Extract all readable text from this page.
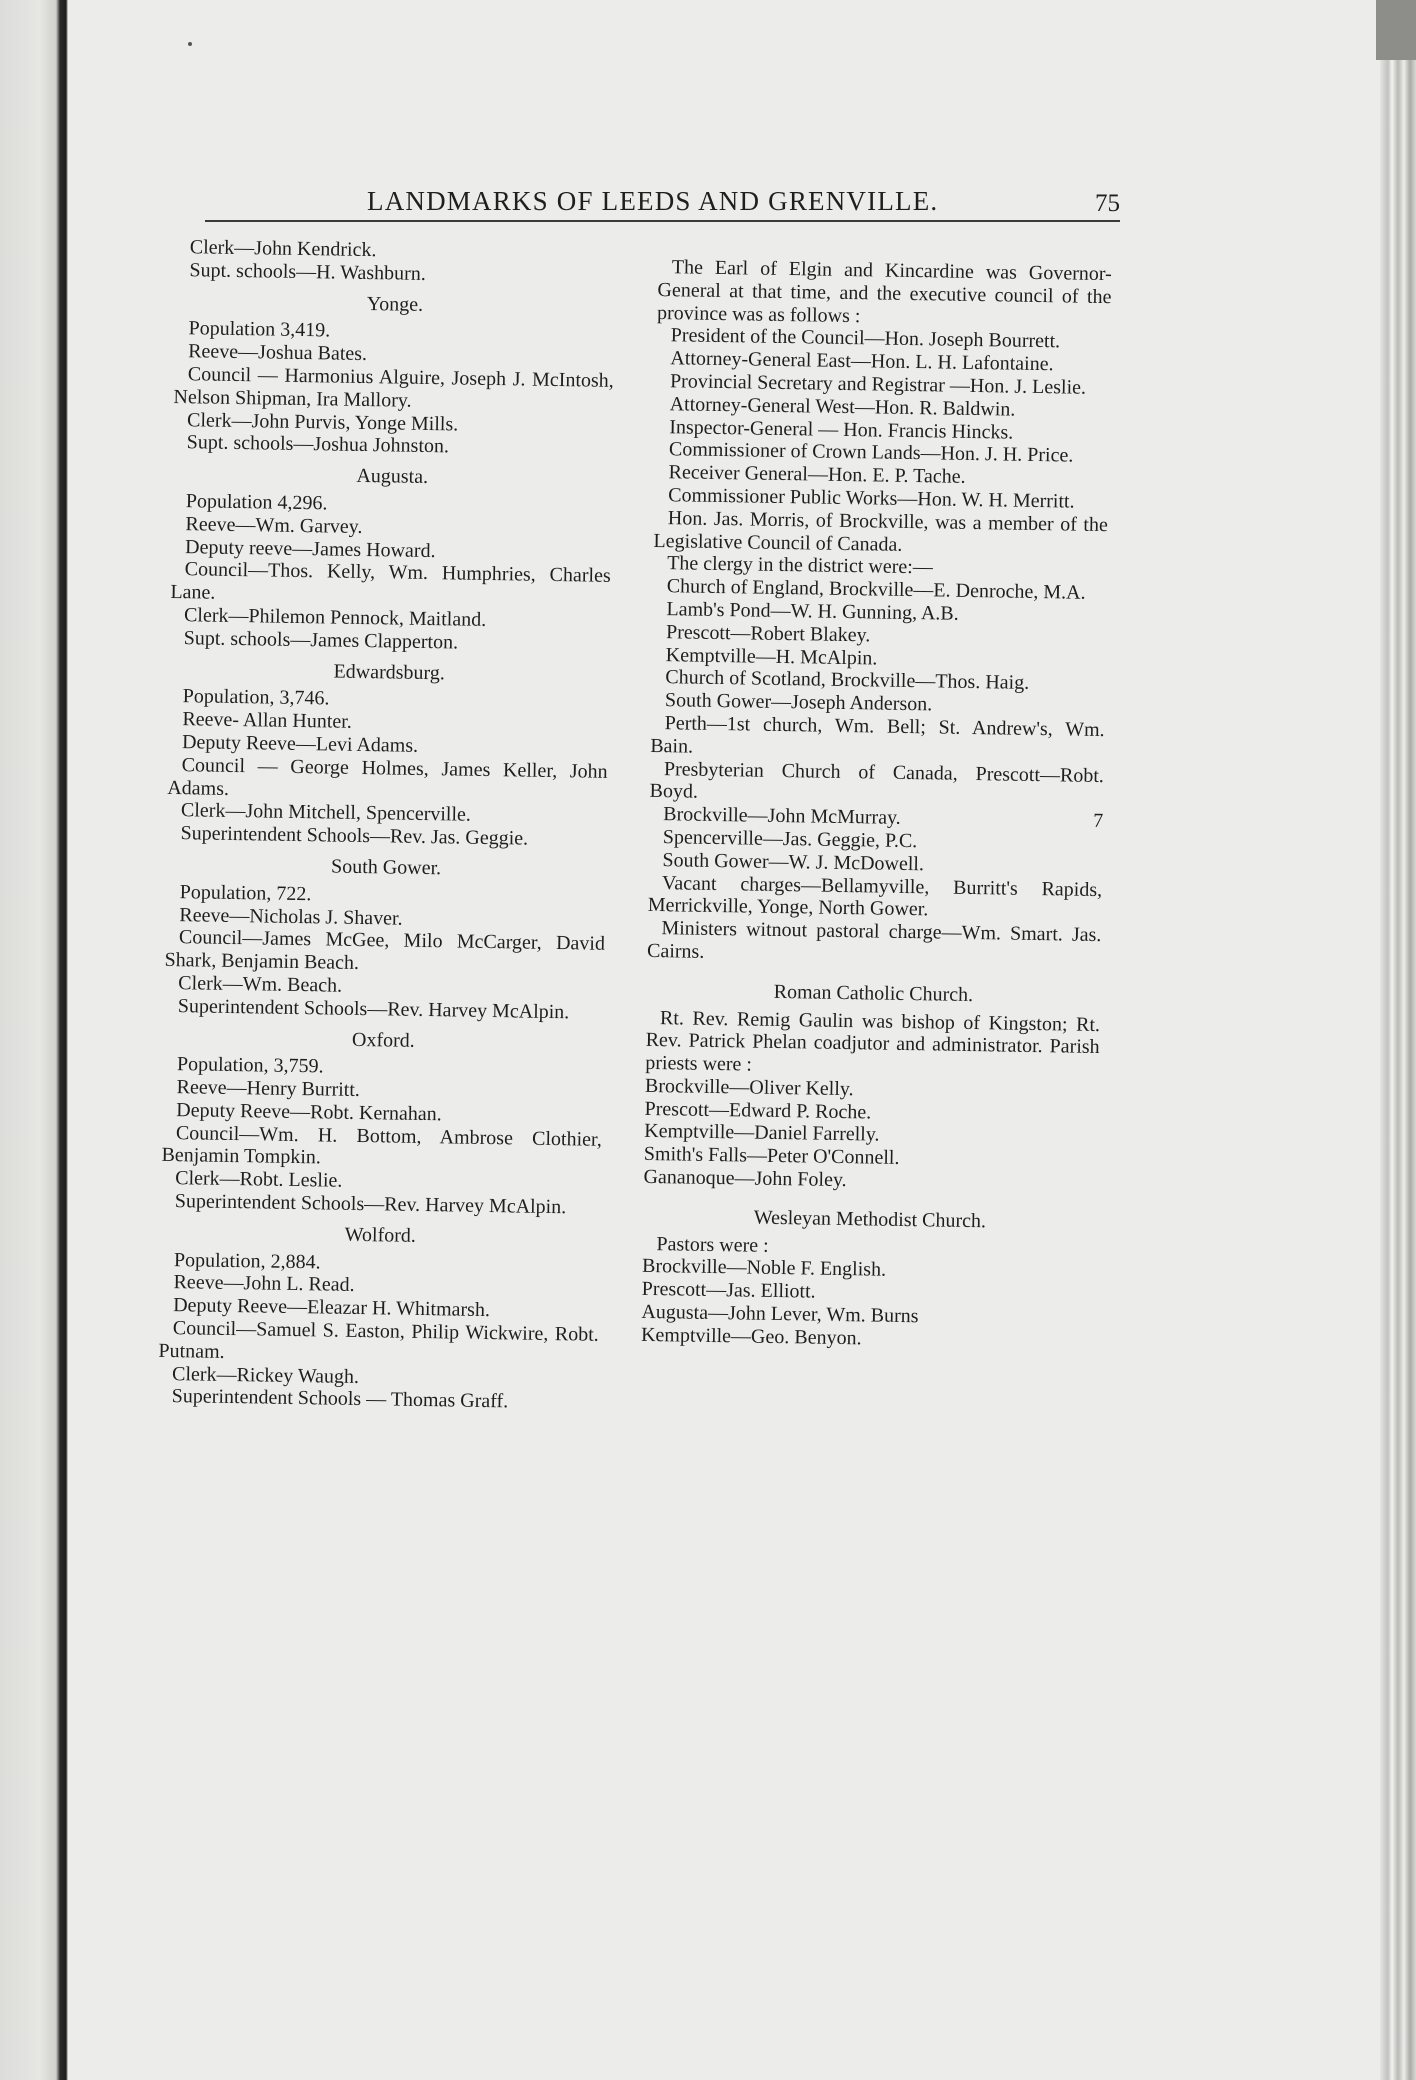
LANDMARKS OF LEEDS AND GRENVILLE.	75

Clerk—John Kendrick.

Supt. schools—H. Washburn.

Yonge.

Population 3,419.

Reeve—Joshua Bates.

Council — Harmonius Alguire, Joseph J. McIntosh, Nelson Shipman, Ira Mallory.

Clerk—John Purvis, Yonge Mills.

Supt. schools—Joshua Johnston.

Augusta.

Population 4,296.

Reeve—Wm. Garvey.

Deputy reeve—James Howard.

Council—Thos. Kelly, Wm. Humphries, Charles Lane.

Clerk—Philemon Pennock, Maitland.

Supt. schools—James Clapperton.

Edwardsburg.

Population, 3,746.

Reeve- Allan Hunter.

Deputy Reeve—Levi Adams.

Council — George Holmes, James Keller, John Adams.

Clerk—John Mitchell, Spencerville.

Superintendent Schools—Rev. Jas. Geggie.

South Gower.

Population, 722.

Reeve—Nicholas J. Shaver.

Council—James McGee, Milo McCarger, David Shark, Benjamin Beach.

Clerk—Wm. Beach.

Superintendent Schools—Rev. Harvey McAlpin.

Oxford.

Population, 3,759.

Reeve—Henry Burritt.

Deputy Reeve—Robt. Kernahan.

Council—Wm. H. Bottom, Ambrose Clothier, Benjamin Tompkin.

Clerk—Robt. Leslie.

Superintendent Schools—Rev. Harvey McAlpin.

Wolford.

Population, 2,884.

Reeve—John L. Read.

Deputy Reeve—Eleazar H. Whitmarsh.

Council—Samuel S. Easton, Philip Wickwire, Robt. Putnam.

Clerk—Rickey Waugh.

Superintendent Schools — Thomas Graff.

The Earl of Elgin and Kincardine was Governor-General at that time, and the executive council of the province was as follows :

President of the Council—Hon. Joseph Bourrett.

Attorney-General East—Hon. L. H. Lafontaine.

Provincial Secretary and Registrar —Hon. J. Leslie.

Attorney-General West—Hon. R. Baldwin.

Inspector-General — Hon. Francis Hincks.

Commissioner of Crown Lands—Hon. J. H. Price.

Receiver General—Hon. E. P. Tache.

Commissioner Public Works—Hon. W. H. Merritt.

Hon. Jas. Morris, of Brockville, was a member of the Legislative Council of Canada.

The clergy in the district were:—

Church of England, Brockville—E. Denroche, M.A.

Lamb's Pond—W. H. Gunning, A.B.

Prescott—Robert Blakey.

Kemptville—H. McAlpin.

Church of Scotland, Brockville—Thos. Haig.

South Gower—Joseph Anderson.

Perth—1st church, Wm. Bell; St. Andrew's, Wm. Bain.

Presbyterian Church of Canada, Prescott—Robt. Boyd.

Brockville—John McMurray.	7

Spencerville—Jas. Geggie, P.C.

South Gower—W. J. McDowell.

Vacant charges—Bellamyville, Burritt's Rapids, Merrickville, Yonge, North Gower.

Ministers witnout pastoral charge—Wm. Smart. Jas. Cairns.

Roman Catholic Church.

Rt. Rev. Remig Gaulin was bishop of Kingston; Rt. Rev. Patrick Phelan coadjutor and administrator. Parish priests were :

Brockville—Oliver Kelly.

Prescott—Edward P. Roche.

Kemptville—Daniel Farrelly.

Smith's Falls—Peter O'Connell.

Gananoque—John Foley.

Wesleyan Methodist Church.

Pastors were :

Brockville—Noble F. English.

Prescott—Jas. Elliott.

Augusta—John Lever, Wm. Burns

Kemptville—Geo. Benyon.
